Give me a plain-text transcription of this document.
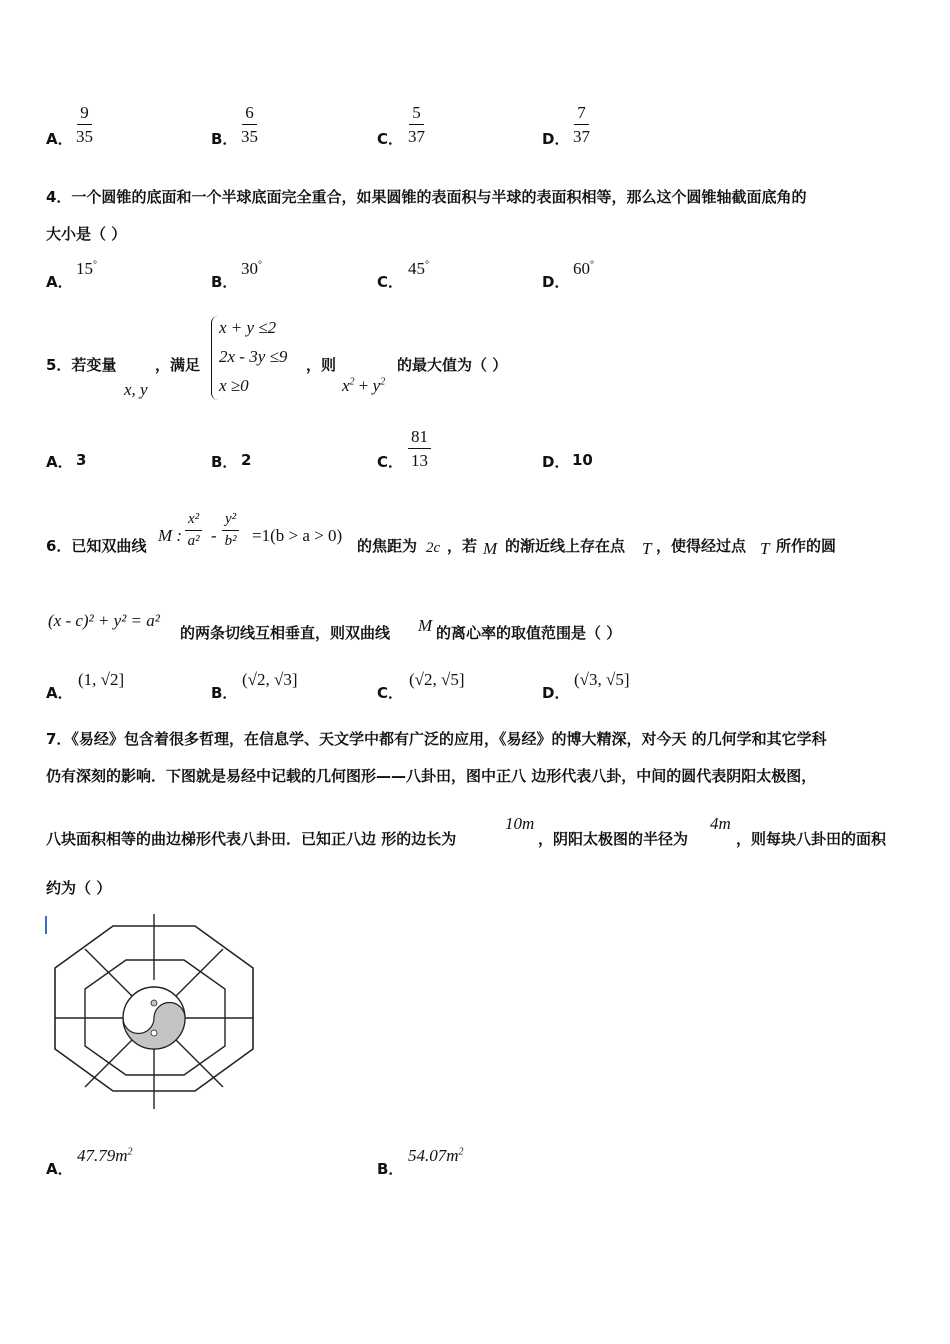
A． $\frac{9}{35}$	B． $\frac{6}{35}$	C． $\frac{5}{37}$	D． $\frac{7}{37}$
4．一个圆锥的底面和一个半球底面完全重合，如果圆锥的表面积与半球的表面积相等，那么这个圆锥轴截面底角的
大小是（ ）
A．
15°
B．
30°
C．
45°
D．
60°
5．若变量
x, y
，满足
x + y ≤2
2x - 3y ≤9
x ≥0
，则
$x^2 + y^2$
的最大值为（ ）
A． 3	B． 2	C． $\frac{81}{13}$	D． 10
6．已知双曲线
M : $\frac{\text{x²}}{\text{a²}} - \frac{\text{y²}}{\text{b²}} =1(b > a > 0)$
的焦距为 2c ，若 M 的渐近线上存在点 T ，使得经过点 T 所作的圆
(x - c)² + y² = a²
的两条切线互相垂直，则双曲线 M 的离心率的取值范围是（ ）
A．
(1, √2]
B．
(√2, √3]
C．
(√2, √5]
D．
(√3, √5]
7．《易经》包含着很多哲理，在信息学、天文学中都有广泛的应用，《易经》的博大精深，对今天 的几何学和其它学科
仍有深刻的影响．下图就是易经中记载的几何图形——八卦田，图中正八 边形代表八卦，中间的圆代表阴阳太极图，
八块面积相等的曲边梯形代表八卦田．已知正八边 形的边长为
10m
，阴阳太极图的半径为
4m
，则每块八卦田的面积
约为（ ）
A．
$47.79m^2$
B．
$54.07m^2$
